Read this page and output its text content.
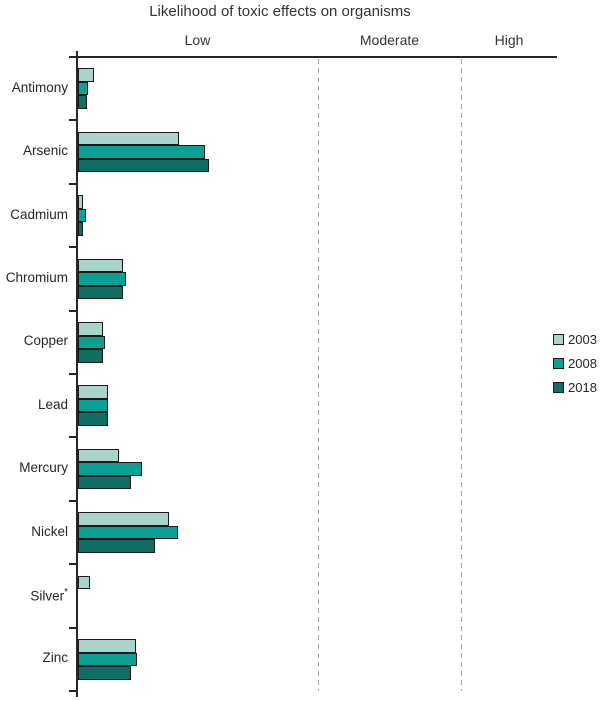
Likelihood of toxic effects on organisms
Low	Moderate	High
Antimony
Arsenic
Cadmium
Chromium
Copper
Lead
Mercury
Nickel
Silver*
Zinc
2003
2008
2018
